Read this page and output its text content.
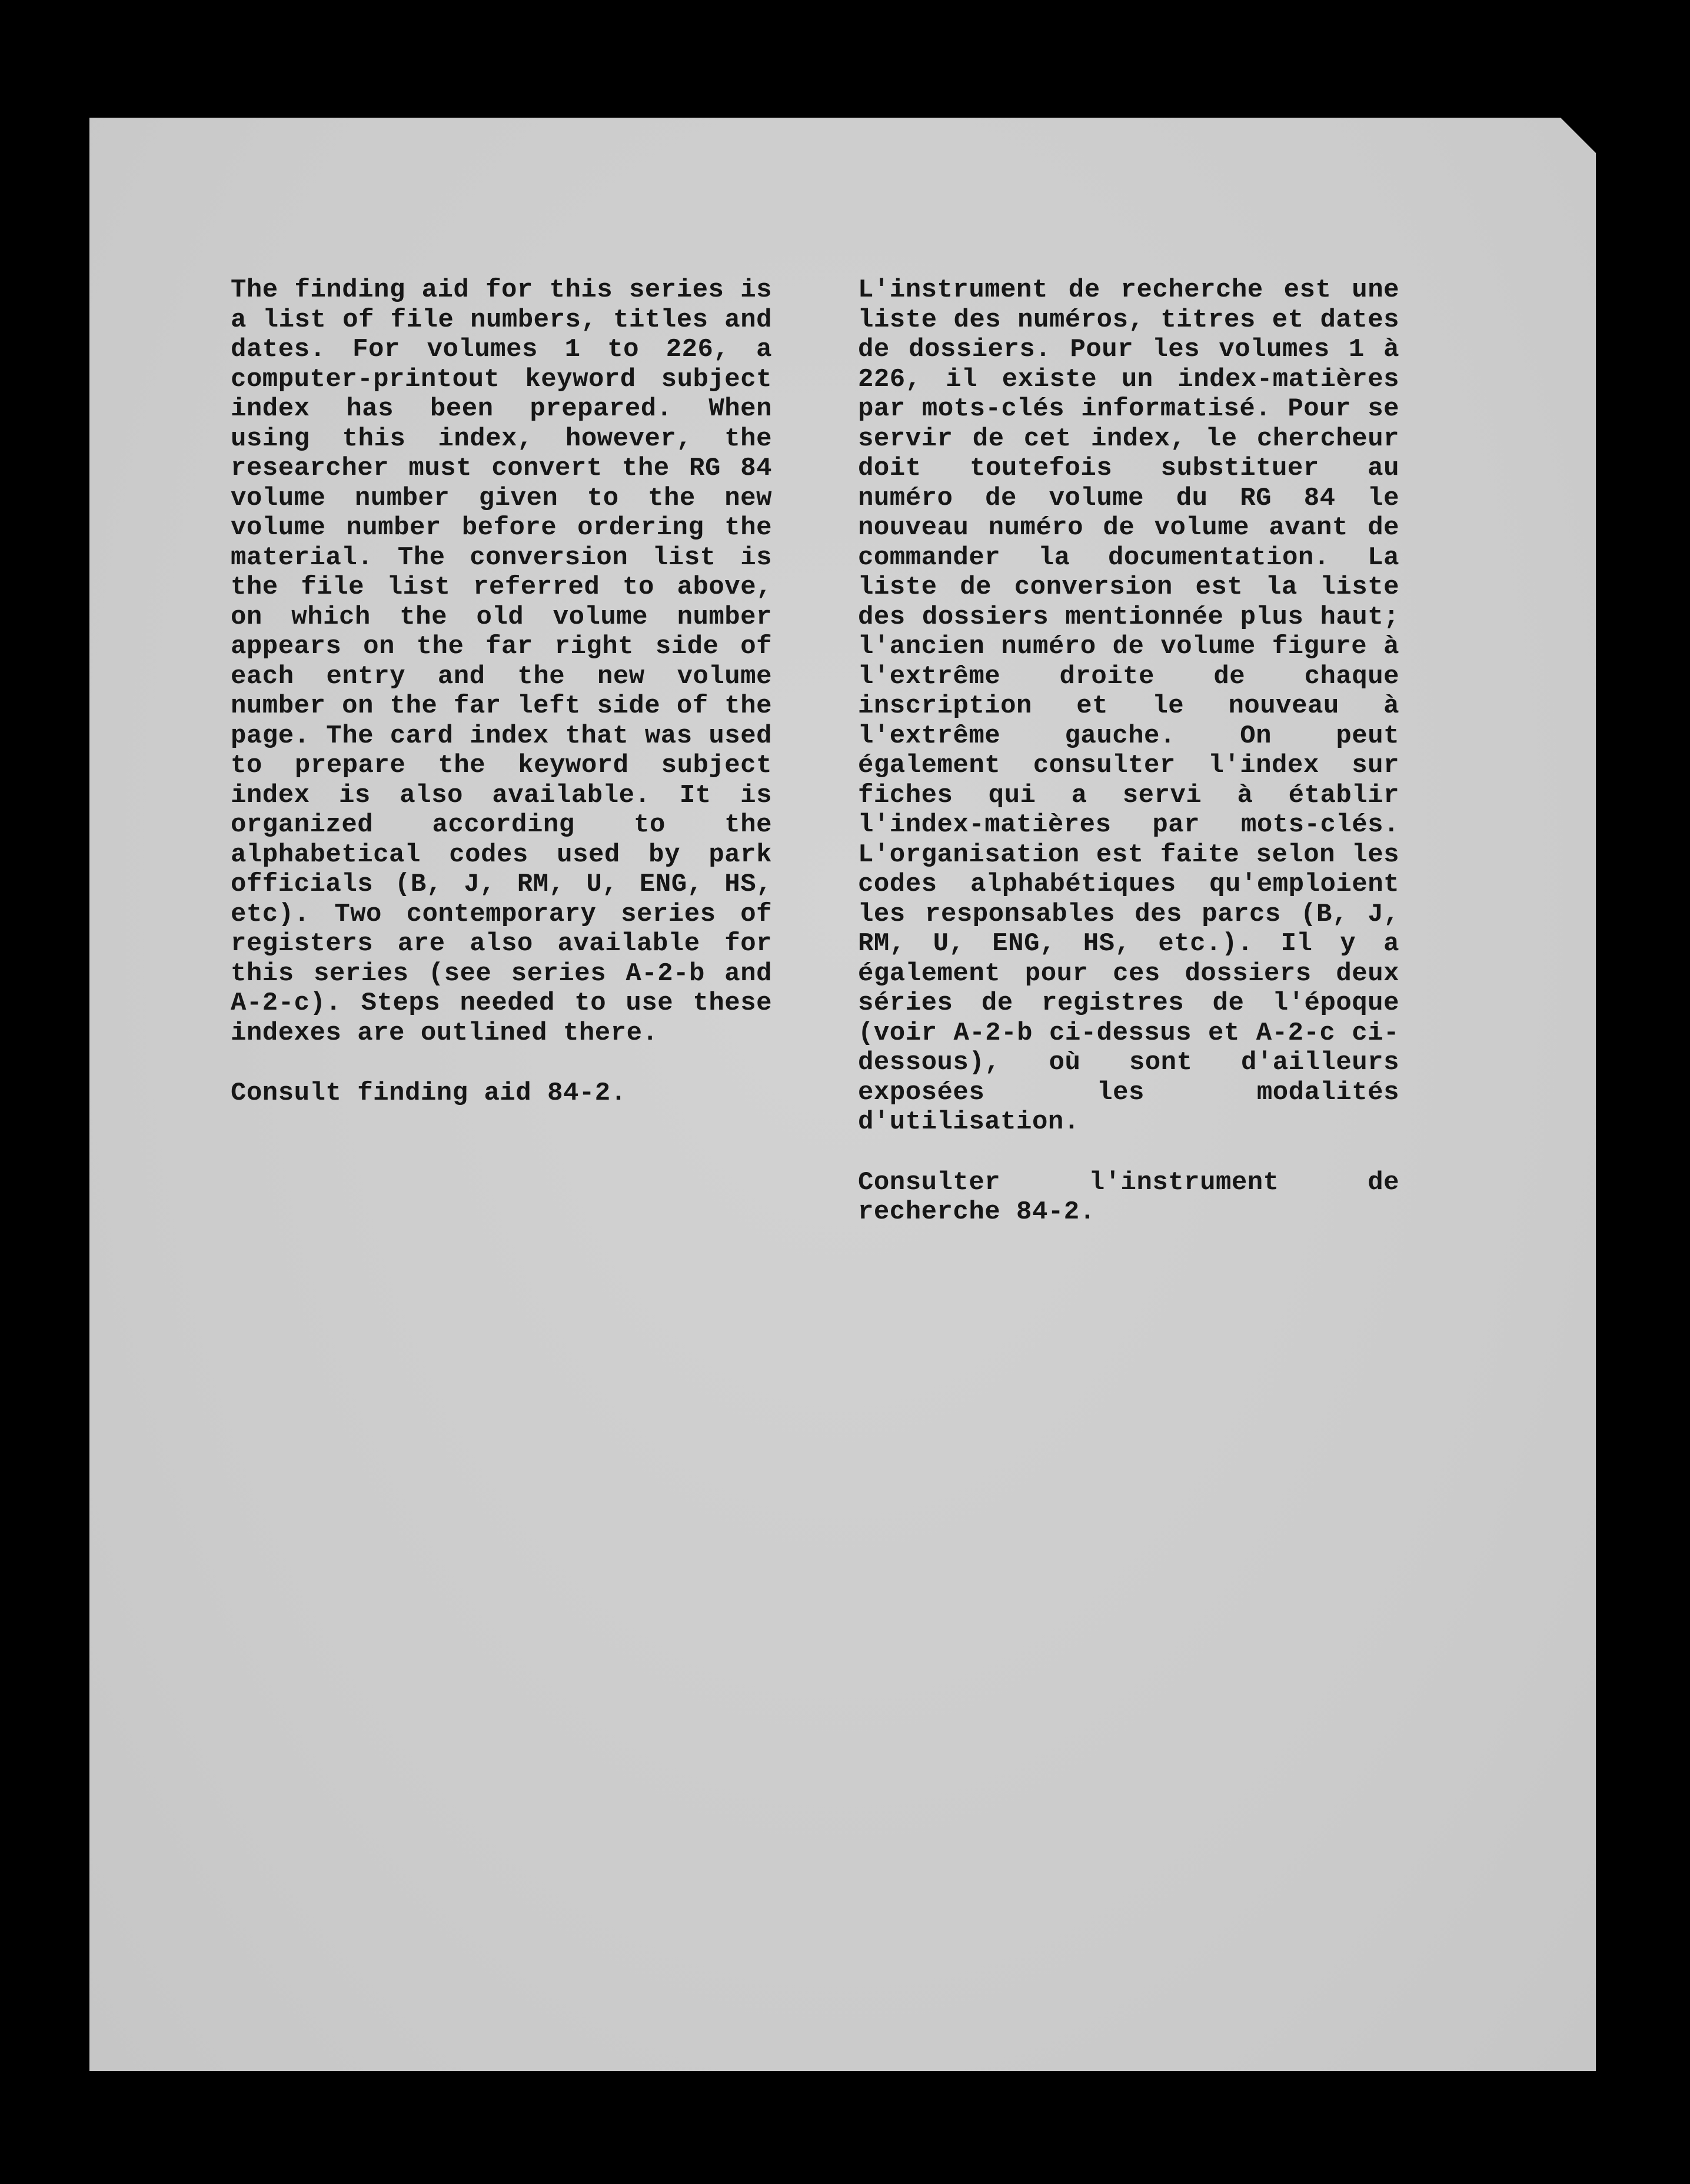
The finding aid for this series is a list of file numbers, titles and dates. For volumes 1 to 226, a computer-printout keyword subject index has been prepared. When using this index, however, the researcher must convert the RG 84 volume number given to the new volume number before ordering the material. The conversion list is the file list referred to above, on which the old volume number appears on the far right side of each entry and the new volume number on the far left side of the page. The card index that was used to prepare the keyword subject index is also available. It is organized according to the alphabetical codes used by park officials (B, J, RM, U, ENG, HS, etc). Two contemporary series of registers are also available for this series (see series A-2-b and A-2-c). Steps needed to use these indexes are outlined there.

Consult finding aid 84-2.

L'instrument de recherche est une liste des numéros, titres et dates de dossiers. Pour les volumes 1 à 226, il existe un index-matières par mots-clés informatisé. Pour se servir de cet index, le chercheur doit toutefois substituer au numéro de volume du RG 84 le nouveau numéro de volume avant de commander la documentation. La liste de conversion est la liste des dossiers mentionnée plus haut; l'ancien numéro de volume figure à l'extrême droite de chaque inscription et le nouveau à l'extrême gauche. On peut également consulter l'index sur fiches qui a servi à établir l'index-matières par mots-clés. L'organisation est faite selon les codes alphabétiques qu'emploient les responsables des parcs (B, J, RM, U, ENG, HS, etc.). Il y a également pour ces dossiers deux séries de registres de l'époque (voir A-2-b ci-dessus et A-2-c ci-dessous), où sont d'ailleurs exposées les modalités d'utilisation.

Consulter l'instrument de recherche 84-2.
